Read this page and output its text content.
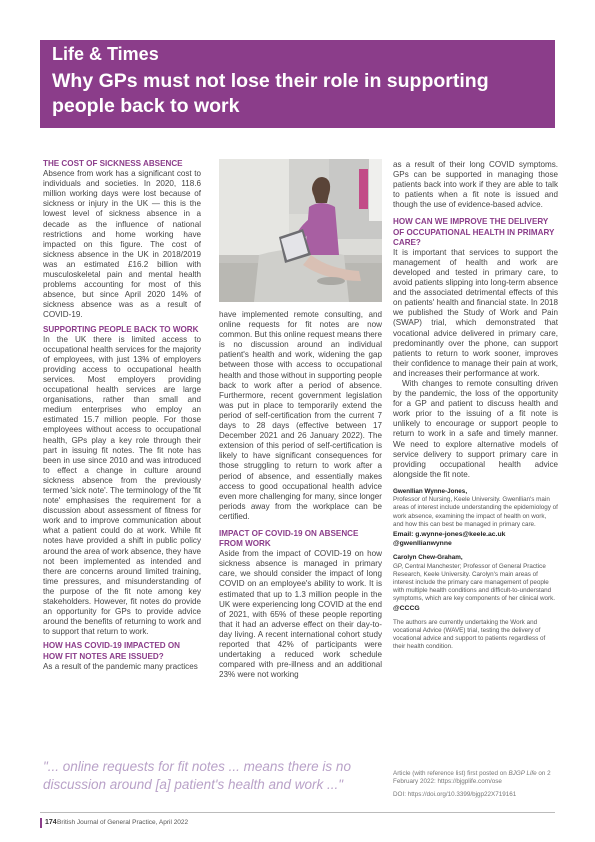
Life & Times
Why GPs must not lose their role in supporting people back to work
THE COST OF SICKNESS ABSENCE

Absence from work has a significant cost to individuals and societies. In 2020, 118.6 million working days were lost because of sickness or injury in the UK — this is the lowest level of sickness absence in a decade as the influence of national restrictions and home working have impacted on this figure. The cost of sickness absence in the UK in 2018/2019 was an estimated £16.2 billion with musculoskeletal pain and mental health problems accounting for most of this absence, but since April 2020 14% of sickness absence was as a result of COVID-19.

SUPPORTING PEOPLE BACK TO WORK

In the UK there is limited access to occupational health services for the majority of employees, with just 13% of employers providing access to occupational health services. Most employers providing occupational health services are large organisations, rather than small and medium enterprises who employ an estimated 15.7 million people. For those employees without access to occupational health, GPs play a key role through their part in issuing fit notes. The fit note has been in use since 2010 and was introduced to effect a change in culture around sickness absence from the previously termed 'sick note'. The terminology of the 'fit note' emphasises the requirement for a discussion about assessment of fitness for work and to improve communication about what a patient could do at work. While fit notes have provided a shift in public policy around the area of work absence, they have not been implemented as intended and there are concerns around limited training, time pressures, and misunderstanding of the purpose of the fit note among key stakeholders. However, fit notes do provide an opportunity for GPs to provide advice around the benefits of returning to work and to support that return to work.

HOW HAS COVID-19 IMPACTED ON HOW FIT NOTES ARE ISSUED?

As a result of the pandemic many practices

have implemented remote consulting, and online requests for fit notes are now common. But this online request means there is no discussion around an individual patient's health and work, widening the gap between those with access to occupational health and those without in supporting people back to work after a period of absence. Furthermore, recent government legislation was put in place to temporarily extend the period of self-certification from the current 7 days to 28 days (effective between 17 December 2021 and 26 January 2022). The extension of this period of self-certification is likely to have significant consequences for those struggling to return to work after a period of absence, and essentially makes access to good occupational health advice even more challenging for many, since longer periods away from the workplace can be certified.

IMPACT OF COVID-19 ON ABSENCE FROM WORK

Aside from the impact of COVID-19 on how sickness absence is managed in primary care, we should consider the impact of long COVID on an employee's ability to work. It is estimated that up to 1.3 million people in the UK were experiencing long COVID at the end of 2021, with 65% of these people reporting that it had an adverse effect on their day-to-day living. A recent international cohort study reported that 42% of participants were undertaking a reduced work schedule compared with pre-illness and an additional 23% were not working

as a result of their long COVID symptoms. GPs can be supported in managing those patients back into work if they are able to talk to patients when a fit note is issued and though the use of evidence-based advice.

HOW CAN WE IMPROVE THE DELIVERY OF OCCUPATIONAL HEALTH IN PRIMARY CARE?

It is important that services to support the management of health and work are developed and tested in primary care, to avoid patients slipping into long-term absence and the associated detrimental effects of this on patients' health and financial state. In 2018 we published the Study of Work and Pain (SWAP) trial, which demonstrated that vocational advice delivered in primary care, predominantly over the phone, can support patients to return to work sooner, improves their confidence to manage their pain at work, and increases their performance at work.

With changes to remote consulting driven by the pandemic, the loss of the opportunity for a GP and patient to discuss health and work prior to the issuing of a fit note is unlikely to encourage or support people to return to work in a safe and timely manner. We need to explore alternative models of service delivery to support primary care in providing occupational health advice alongside the fit note.

Gwenllian Wynne-Jones,
Professor of Nursing, Keele University. Gwenllian's main areas of interest include understanding the epidemiology of work absence, examining the impact of health on work, and how this can best be managed in primary care.
Email: g.wynne-jones@keele.ac.uk
@gwenllianwynne
Carolyn Chew-Graham,
GP, Central Manchester; Professor of General Practice Research, Keele University. Carolyn's main areas of interest include the primary care management of people with multiple health conditions and difficult-to-understand symptoms, which are key components of her clinical work.
@CCCG
The authors are currently undertaking the Work and vocational Advice (WAVE) trial, testing the delivery of vocational advice and support to patients regardless of their health condition.
"... online requests for fit notes ... means there is no discussion around [a] patient's health and work ..."
Article (with reference list) first posted on BJGP Life on 2 February 2022: https://bjgplife.com/ose
DOI: https://doi.org/10.3399/bjgp22X719161
174 British Journal of General Practice, April 2022
